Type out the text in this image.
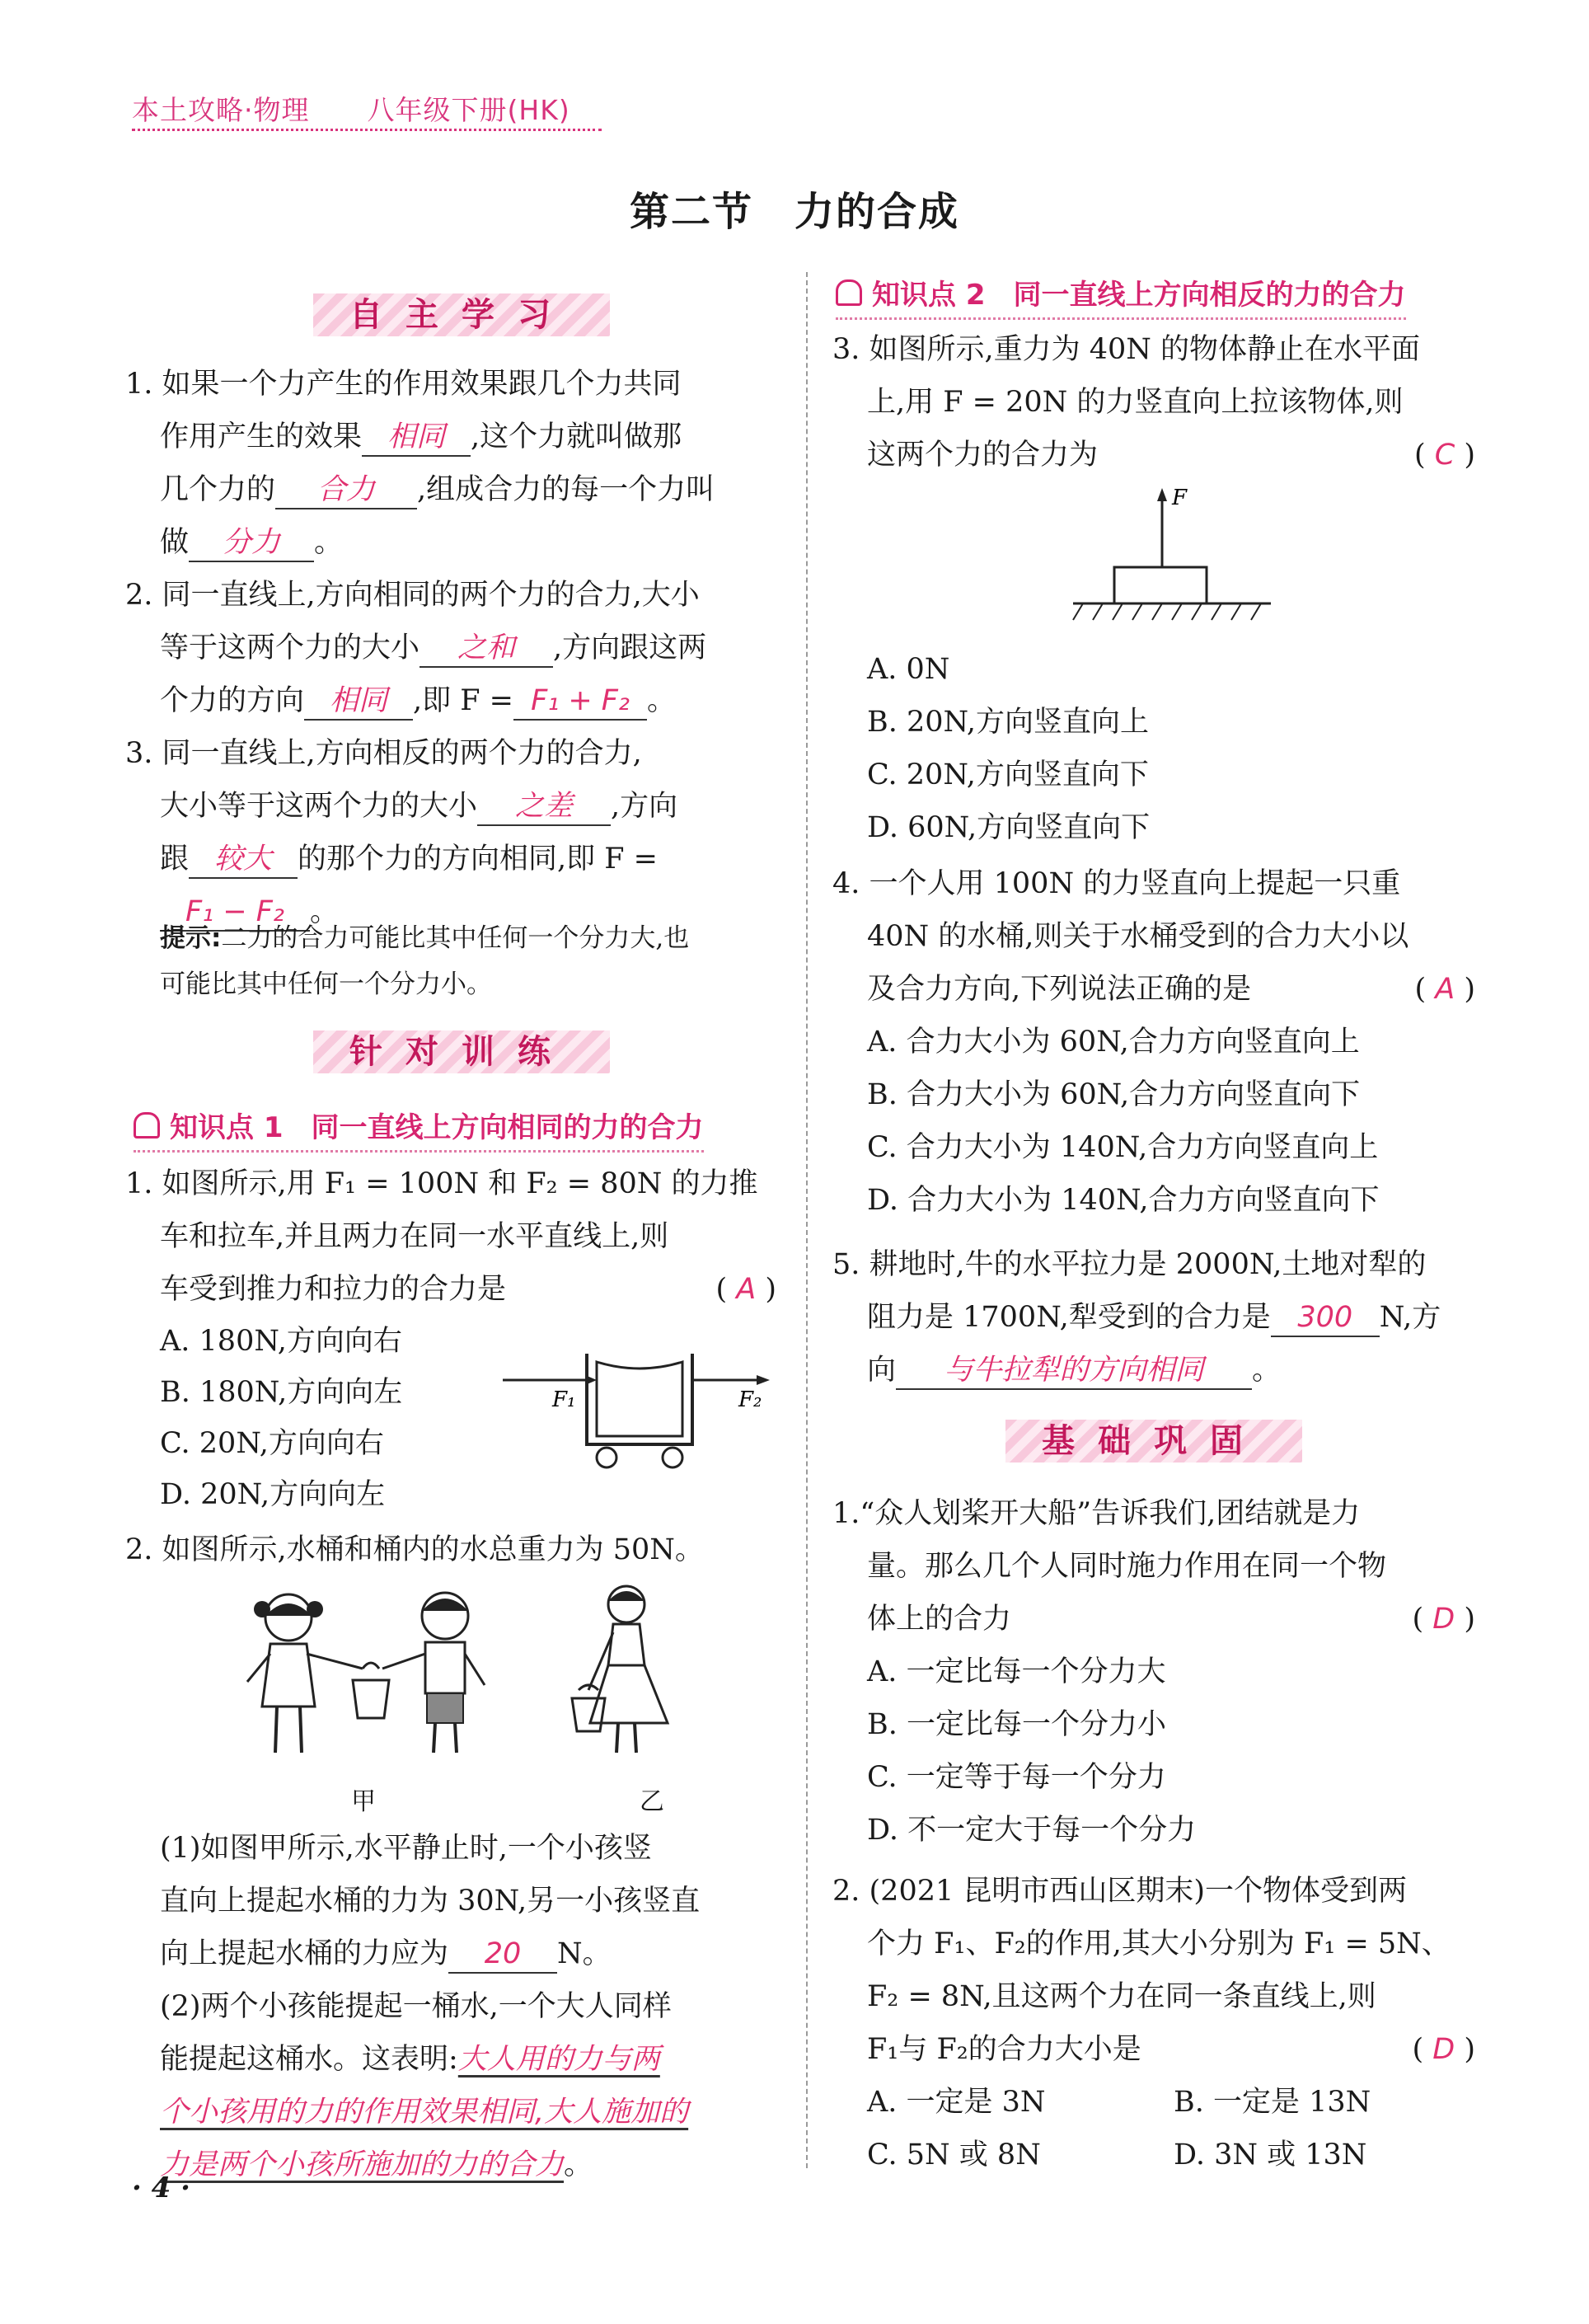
本土攻略·物理 八年级下册(HK)
第二节　力的合成
自主学习
1. 如果一个力产生的作用效果跟几个力共同
作用产生的效果 相同 ,这个力就叫做那
几个力的 合力 ,组成合力的每一个力叫
做 分力 。
2. 同一直线上,方向相同的两个力的合力,大小
等于这两个力的大小 之和 ,方向跟这两
个力的方向 相同 ,即 F = F₁ + F₂ 。
3. 同一直线上,方向相反的两个力的合力,
大小等于这两个力的大小 之差 ,方向
跟 较大 的那个力的方向相同,即 F =
F₁ − F₂ 。
提示:二力的合力可能比其中任何一个分力大,也
可能比其中任何一个分力小。
针对训练
知识点 1　同一直线上方向相同的力的合力
1. 如图所示,用 F₁ = 100N 和 F₂ = 80N 的力推
车和拉车,并且两力在同一水平直线上,则
车受到推力和拉力的合力是	( A )
A. 180N,方向向右
B. 180N,方向向左
C. 20N,方向向右
D. 20N,方向向左
F₁	F₂
2. 如图所示,水桶和桶内的水总重力为 50N。
甲	乙
(1)如图甲所示,水平静止时,一个小孩竖
直向上提起水桶的力为 30N,另一小孩竖直
向上提起水桶的力应为 20 N。
(2)两个小孩能提起一桶水,一个大人同样
能提起这桶水。这表明:大人用的力与两
个小孩用的力的作用效果相同,大人施加的
力是两个小孩所施加的力的合力。
· 4 ·
知识点 2　同一直线上方向相反的力的合力
3. 如图所示,重力为 40N 的物体静止在水平面
上,用 F = 20N 的力竖直向上拉该物体,则
这两个力的合力为	( C )
F
A. 0N
B. 20N,方向竖直向上
C. 20N,方向竖直向下
D. 60N,方向竖直向下
4. 一个人用 100N 的力竖直向上提起一只重
40N 的水桶,则关于水桶受到的合力大小以
及合力方向,下列说法正确的是	( A )
A. 合力大小为 60N,合力方向竖直向上
B. 合力大小为 60N,合力方向竖直向下
C. 合力大小为 140N,合力方向竖直向上
D. 合力大小为 140N,合力方向竖直向下
5. 耕地时,牛的水平拉力是 2000N,土地对犁的
阻力是 1700N,犁受到的合力是 300 N,方
向 与牛拉犁的方向相同 。
基础巩固
1.“众人划桨开大船”告诉我们,团结就是力
量。那么几个人同时施力作用在同一个物
体上的合力	( D )
A. 一定比每一个分力大
B. 一定比每一个分力小
C. 一定等于每一个分力
D. 不一定大于每一个分力
2. (2021 昆明市西山区期末)一个物体受到两
个力 F₁、F₂的作用,其大小分别为 F₁ = 5N、
F₂ = 8N,且这两个力在同一条直线上,则
F₁与 F₂的合力大小是	( D )
A. 一定是 3N	B. 一定是 13N
C. 5N 或 8N	D. 3N 或 13N
